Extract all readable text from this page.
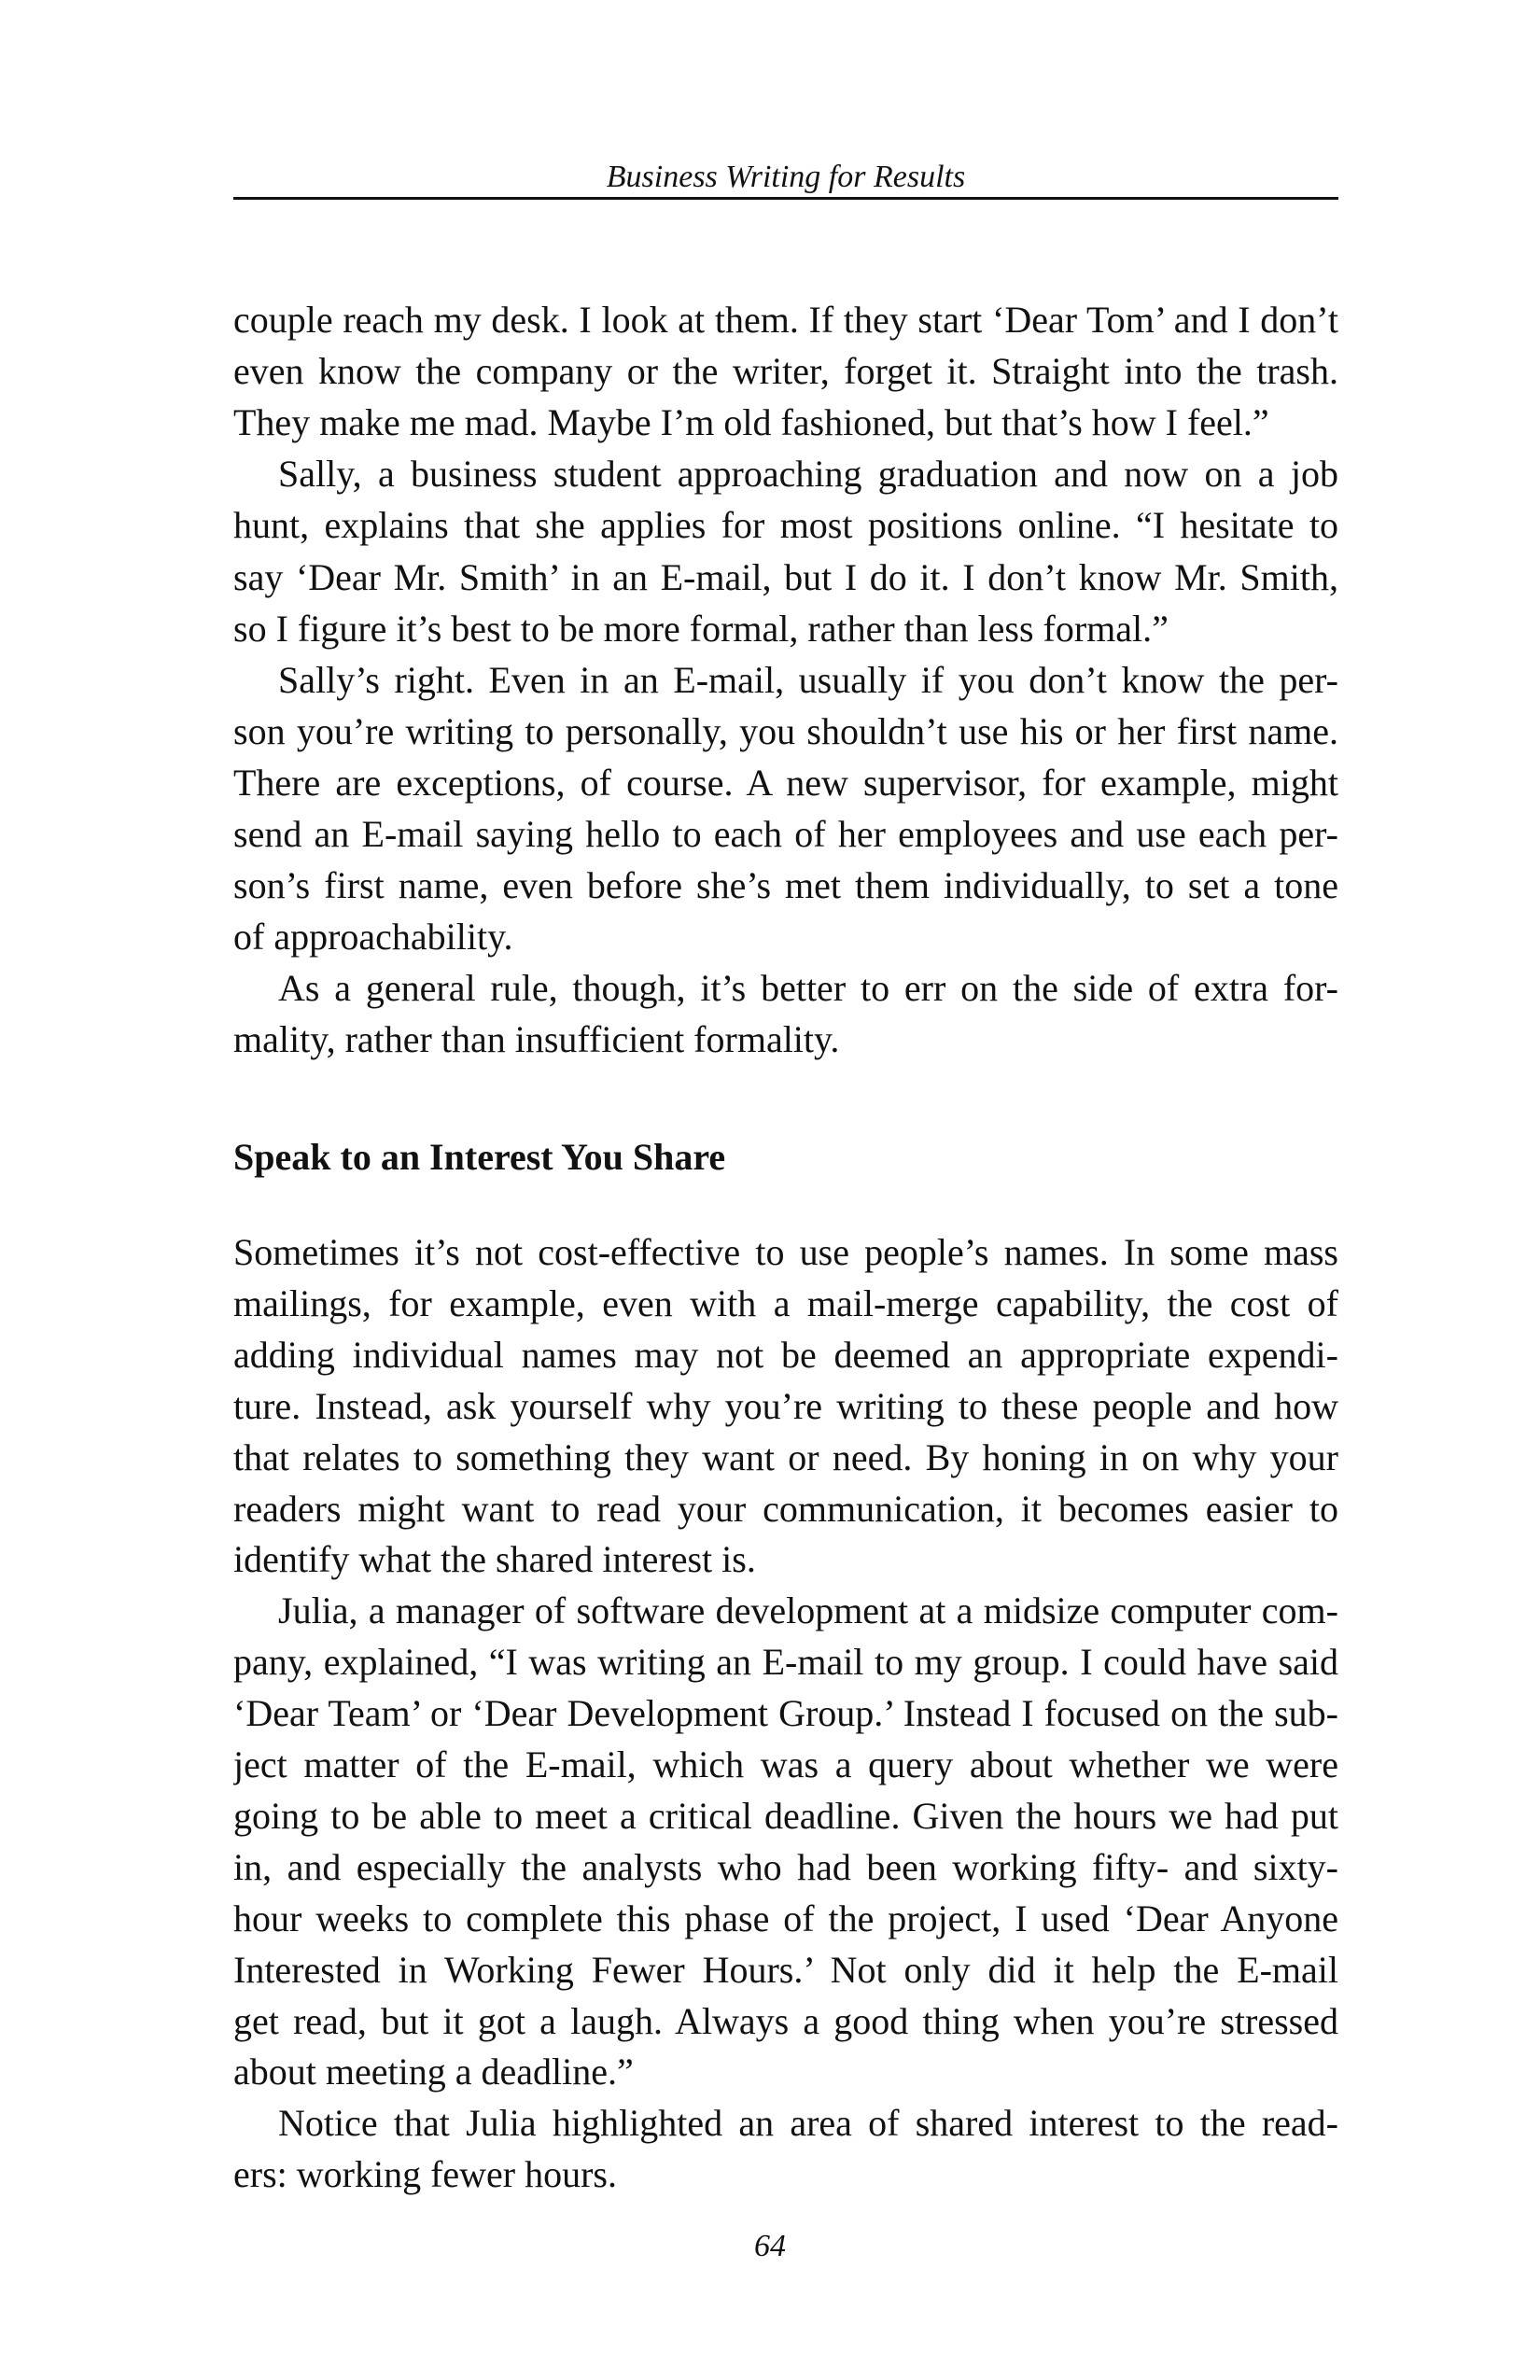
Business Writing for Results
couple reach my desk. I look at them. If they start ‘Dear Tom’ and I don’t
even know the company or the writer, forget it. Straight into the trash.
They make me mad. Maybe I’m old fashioned, but that’s how I feel.”
Sally, a business student approaching graduation and now on a job
hunt, explains that she applies for most positions online. “I hesitate to
say ‘Dear Mr. Smith’ in an E-mail, but I do it. I don’t know Mr. Smith,
so I figure it’s best to be more formal, rather than less formal.”
Sally’s right. Even in an E-mail, usually if you don’t know the per-
son you’re writing to personally, you shouldn’t use his or her first name.
There are exceptions, of course. A new supervisor, for example, might
send an E-mail saying hello to each of her employees and use each per-
son’s first name, even before she’s met them individually, to set a tone
of approachability.
As a general rule, though, it’s better to err on the side of extra for-
mality, rather than insufficient formality.
Speak to an Interest You Share
Sometimes it’s not cost-effective to use people’s names. In some mass
mailings, for example, even with a mail-merge capability, the cost of
adding individual names may not be deemed an appropriate expendi-
ture. Instead, ask yourself why you’re writing to these people and how
that relates to something they want or need. By honing in on why your
readers might want to read your communication, it becomes easier to
identify what the shared interest is.
Julia, a manager of software development at a midsize computer com-
pany, explained, “I was writing an E-mail to my group. I could have said
‘Dear Team’ or ‘Dear Development Group.’ Instead I focused on the sub-
ject matter of the E-mail, which was a query about whether we were
going to be able to meet a critical deadline. Given the hours we had put
in, and especially the analysts who had been working fifty- and sixty-
hour weeks to complete this phase of the project, I used ‘Dear Anyone
Interested in Working Fewer Hours.’ Not only did it help the E-mail
get read, but it got a laugh. Always a good thing when you’re stressed
about meeting a deadline.”
Notice that Julia highlighted an area of shared interest to the read-
ers: working fewer hours.
64
